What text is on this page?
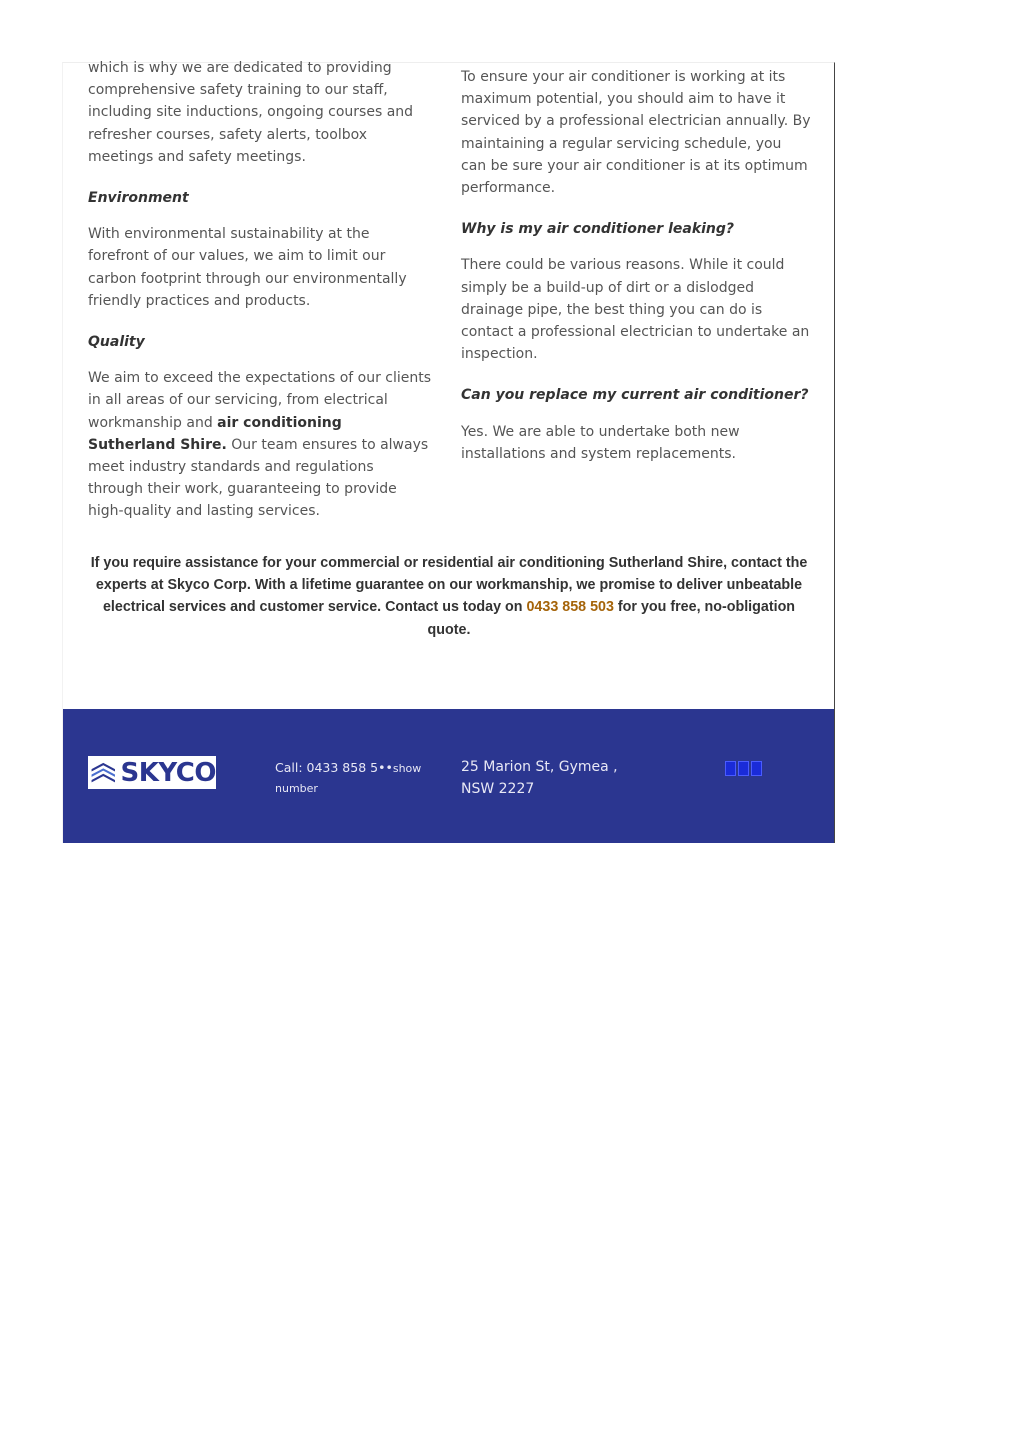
which is why we are dedicated to providing comprehensive safety training to our staff, including site inductions, ongoing courses and refresher courses, safety alerts, toolbox meetings and safety meetings.

Environment

With environmental sustainability at the forefront of our values, we aim to limit our carbon footprint through our environmentally friendly practices and products.

Quality

We aim to exceed the expectations of our clients in all areas of our servicing, from electrical workmanship and air conditioning Sutherland Shire. Our team ensures to always meet industry standards and regulations through their work, guaranteeing to provide high-quality and lasting services.

To ensure your air conditioner is working at its maximum potential, you should aim to have it serviced by a professional electrician annually. By maintaining a regular servicing schedule, you can be sure your air conditioner is at its optimum performance.

Why is my air conditioner leaking?

There could be various reasons. While it could simply be a build-up of dirt or a dislodged drainage pipe, the best thing you can do is contact a professional electrician to undertake an inspection.

Can you replace my current air conditioner?

Yes. We are able to undertake both new installations and system replacements.

If you require assistance for your commercial or residential air conditioning Sutherland Shire, contact the experts at Skyco Corp. With a lifetime guarantee on our workmanship, we promise to deliver unbeatable electrical services and customer service. Contact us today on 0433 858 503 for you free, no-obligation quote.
SKYCO	Call: 0433 858 5••show number
25 Marion St, Gymea ,
NSW 2227
